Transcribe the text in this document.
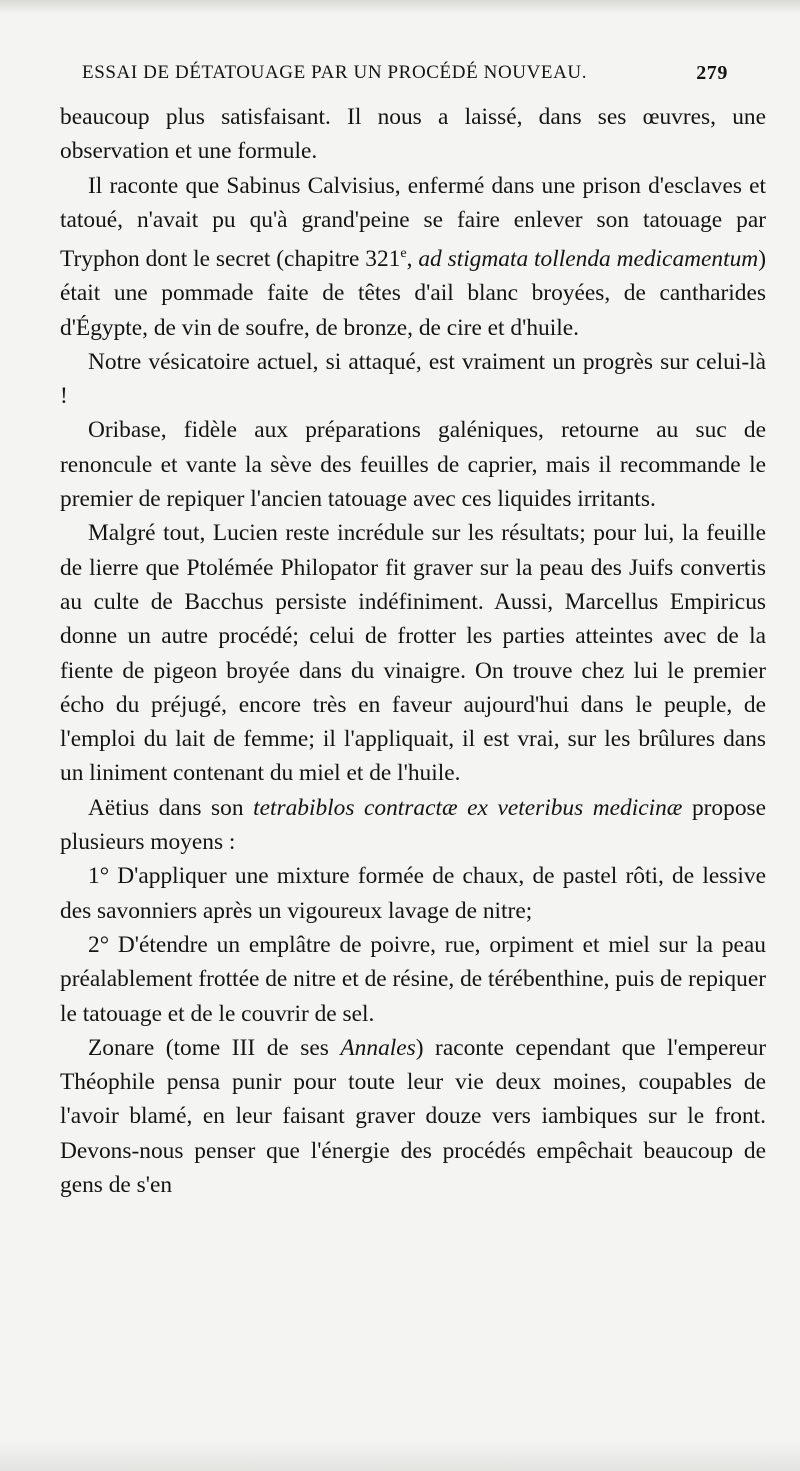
ESSAI DE DÉTATOUAGE PAR UN PROCÉDÉ NOUVEAU.	279

beaucoup plus satisfaisant. Il nous a laissé, dans ses œuvres, une observation et une formule.

Il raconte que Sabinus Calvisius, enfermé dans une prison d'esclaves et tatoué, n'avait pu qu'à grand'peine se faire enlever son tatouage par Tryphon dont le secret (chapitre 321e, ad stigmata tollenda medicamentum) était une pommade faite de têtes d'ail blanc broyées, de cantharides d'Égypte, de vin de soufre, de bronze, de cire et d'huile.

Notre vésicatoire actuel, si attaqué, est vraiment un progrès sur celui-là !

Oribase, fidèle aux préparations galéniques, retourne au suc de renoncule et vante la sève des feuilles de caprier, mais il recommande le premier de repiquer l'ancien tatouage avec ces liquides irritants.

Malgré tout, Lucien reste incrédule sur les résultats; pour lui, la feuille de lierre que Ptolémée Philopator fit graver sur la peau des Juifs convertis au culte de Bacchus persiste indéfiniment. Aussi, Marcellus Empiricus donne un autre procédé; celui de frotter les parties atteintes avec de la fiente de pigeon broyée dans du vinaigre. On trouve chez lui le premier écho du préjugé, encore très en faveur aujourd'hui dans le peuple, de l'emploi du lait de femme; il l'appliquait, il est vrai, sur les brûlures dans un liniment contenant du miel et de l'huile.

Aëtius dans son tetrabiblos contractæ ex veteribus medicinæ propose plusieurs moyens :

1° D'appliquer une mixture formée de chaux, de pastel rôti, de lessive des savonniers après un vigoureux lavage de nitre;

2° D'étendre un emplâtre de poivre, rue, orpiment et miel sur la peau préalablement frottée de nitre et de résine, de térébenthine, puis de repiquer le tatouage et de le couvrir de sel.

Zonare (tome III de ses Annales) raconte cependant que l'empereur Théophile pensa punir pour toute leur vie deux moines, coupables de l'avoir blamé, en leur faisant graver douze vers iambiques sur le front. Devons-nous penser que l'énergie des procédés empêchait beaucoup de gens de s'en
